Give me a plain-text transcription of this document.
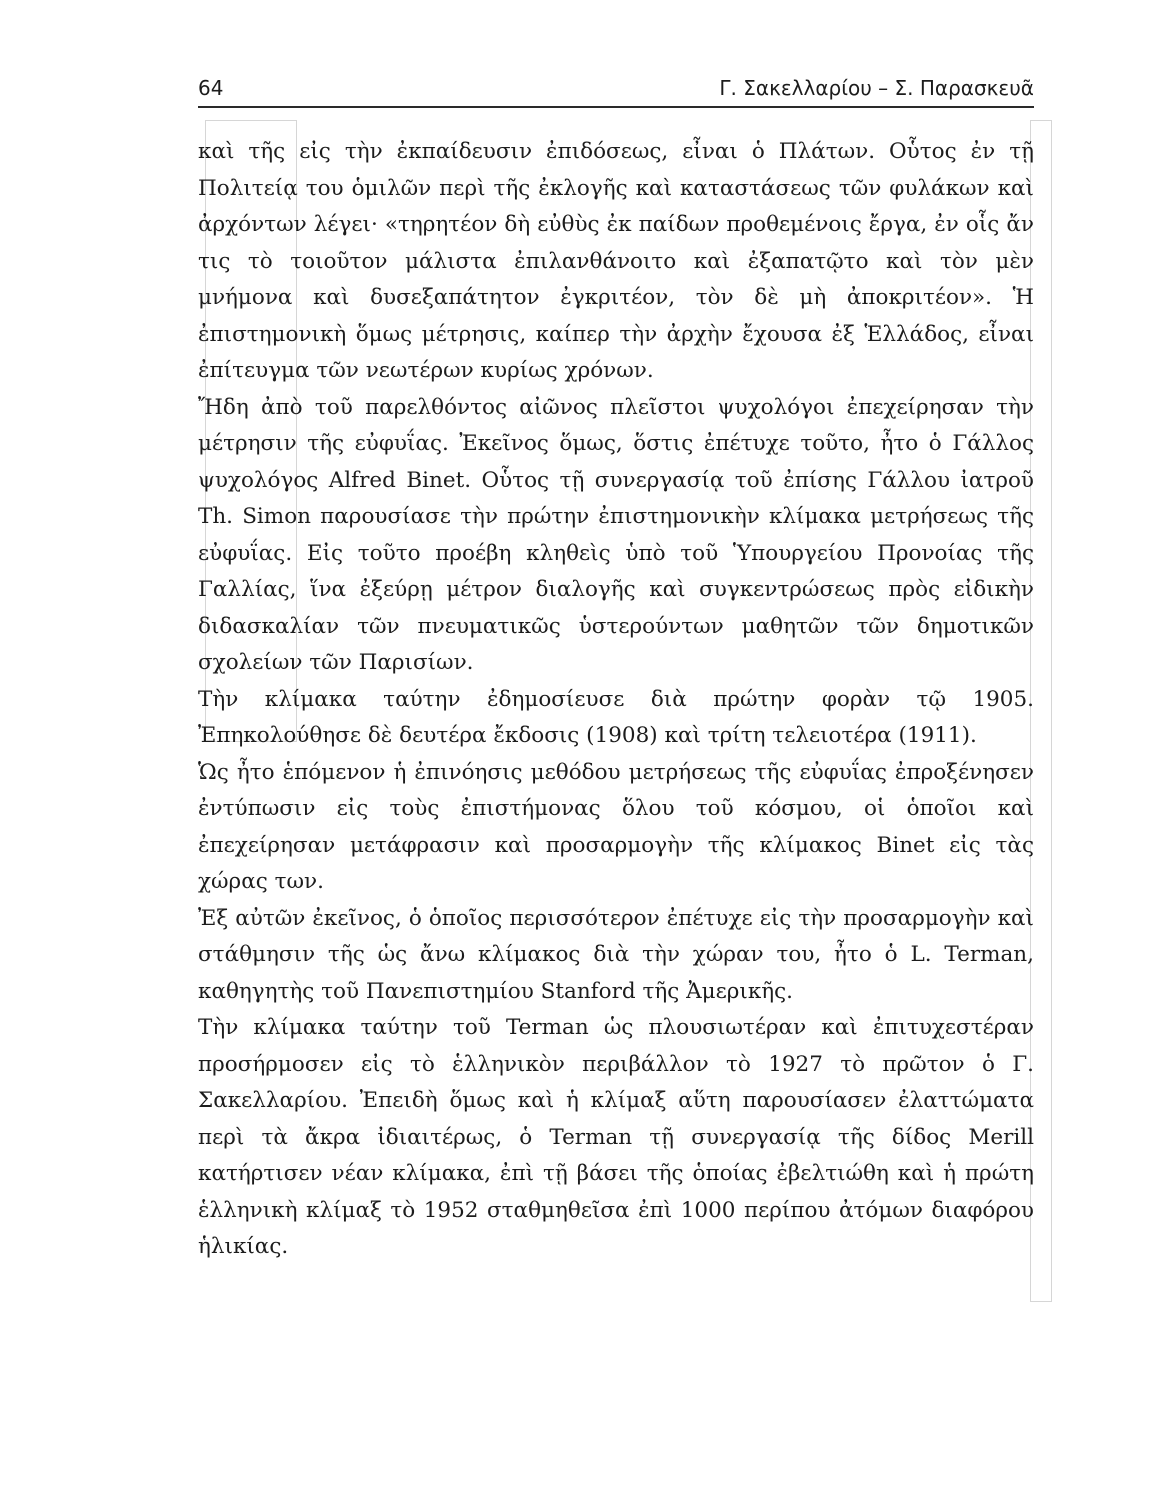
64	Γ. Σακελλαρίου – Σ. Παρασκευᾶ

καὶ τῆς εἰς τὴν ἐκπαίδευσιν ἐπιδόσεως, εἶναι ὁ Πλάτων. Οὗτος ἐν τῇ Πολιτείᾳ του ὁμιλῶν περὶ τῆς ἐκλογῆς καὶ καταστάσεως τῶν φυλάκων καὶ ἀρχόντων λέγει· «τηρητέον δὴ εὐθὺς ἐκ παίδων προθεμένοις ἔργα, ἐν οἷς ἄν τις τὸ τοιοῦτον μάλιστα ἐπιλανθάνοιτο καὶ ἐξαπατῷτο καὶ τὸν μὲν μνήμονα καὶ δυσεξαπάτητον ἐγκριτέον, τὸν δὲ μὴ ἀποκριτέον». Ἡ ἐπιστημονικὴ ὅμως μέτρησις, καίπερ τὴν ἀρχὴν ἔχουσα ἐξ Ἑλλάδος, εἶναι ἐπίτευγμα τῶν νεωτέρων κυρίως χρόνων.

Ἤδη ἀπὸ τοῦ παρελθόντος αἰῶνος πλεῖστοι ψυχολόγοι ἐπεχείρησαν τὴν μέτρησιν τῆς εὐφυΐας. Ἐκεῖνος ὅμως, ὅστις ἐπέτυχε τοῦτο, ἦτο ὁ Γάλλος ψυχολόγος Alfred Binet. Οὗτος τῇ συνεργασίᾳ τοῦ ἐπίσης Γάλλου ἰατροῦ Th. Simon παρουσίασε τὴν πρώτην ἐπιστημονικὴν κλίμακα μετρήσεως τῆς εὐφυΐας. Εἰς τοῦτο προέβη κληθεὶς ὑπὸ τοῦ Ὑπουργείου Προνοίας τῆς Γαλλίας, ἵνα ἐξεύρῃ μέτρον διαλογῆς καὶ συγκεντρώσεως πρὸς εἰδικὴν διδασκαλίαν τῶν πνευματικῶς ὑστερούντων μαθητῶν τῶν δημοτικῶν σχολείων τῶν Παρισίων.

Τὴν κλίμακα ταύτην ἐδημοσίευσε διὰ πρώτην φορὰν τῷ 1905. Ἐπηκολούθησε δὲ δευτέρα ἔκδοσις (1908) καὶ τρίτη τελειοτέρα (1911).

Ὡς ἦτο ἑπόμενον ἡ ἐπινόησις μεθόδου μετρήσεως τῆς εὐφυΐας ἐπροξένησεν ἐντύπωσιν εἰς τοὺς ἐπιστήμονας ὅλου τοῦ κόσμου, οἱ ὁποῖοι καὶ ἐπεχείρησαν μετάφρασιν καὶ προσαρμογὴν τῆς κλίμακος Binet εἰς τὰς χώρας των.

Ἐξ αὐτῶν ἐκεῖνος, ὁ ὁποῖος περισσότερον ἐπέτυχε εἰς τὴν προσαρμογὴν καὶ στάθμησιν τῆς ὡς ἄνω κλίμακος διὰ τὴν χώραν του, ἦτο ὁ L. Terman, καθηγητὴς τοῦ Πανεπιστημίου Stanford τῆς Ἀμερικῆς.

Τὴν κλίμακα ταύτην τοῦ Terman ὡς πλουσιωτέραν καὶ ἐπιτυχεστέραν προσήρμοσεν εἰς τὸ ἑλληνικὸν περιβάλλον τὸ 1927 τὸ πρῶτον ὁ Γ. Σακελλαρίου. Ἐπειδὴ ὅμως καὶ ἡ κλίμαξ αὕτη παρουσίασεν ἐλαττώματα περὶ τὰ ἄκρα ἰδιαιτέρως, ὁ Terman τῇ συνεργασίᾳ τῆς δίδος Merill κατήρτισεν νέαν κλίμακα, ἐπὶ τῇ βάσει τῆς ὁποίας ἐβελτιώθη καὶ ἡ πρώτη ἑλληνικὴ κλίμαξ τὸ 1952 σταθμηθεῖσα ἐπὶ 1000 περίπου ἀτόμων διαφόρου ἡλικίας.
